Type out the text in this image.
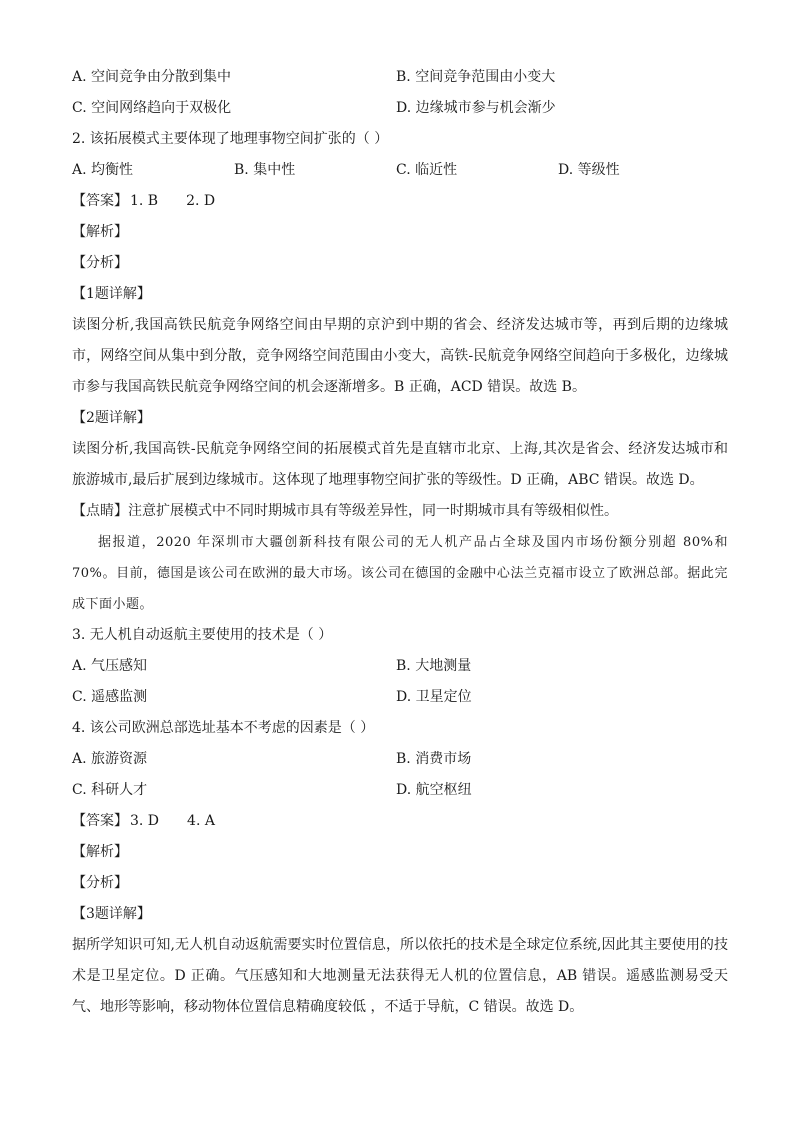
A. 空间竞争由分散到集中	B. 空间竞争范围由小变大
C. 空间网络趋向于双极化	D. 边缘城市参与机会渐少
2. 该拓展模式主要体现了地理事物空间扩张的（ ）
A. 均衡性	B. 集中性	C. 临近性	D. 等级性
【答案】 1. B 2. D
【解析】
【分析】
【1题详解】
读图分析,我国高铁民航竞争网络空间由早期的京沪到中期的省会、经济发达城市等，再到后期的边缘城市，网络空间从集中到分散，竞争网络空间范围由小变大，高铁-民航竞争网络空间趋向于多极化，边缘城市参与我国高铁民航竞争网络空间的机会逐渐增多。B 正确，ACD 错误。故选 B。
【2题详解】
读图分析,我国高铁-民航竞争网络空间的拓展模式首先是直辖市北京、上海,其次是省会、经济发达城市和旅游城市,最后扩展到边缘城市。这体现了地理事物空间扩张的等级性。D 正确，ABC 错误。故选 D。
【点睛】注意扩展模式中不同时期城市具有等级差异性，同一时期城市具有等级相似性。
据报道，2020 年深圳市大疆创新科技有限公司的无人机产品占全球及国内市场份额分别超 80%和 70%。目前，德国是该公司在欧洲的最大市场。该公司在德国的金融中心法兰克福市设立了欧洲总部。据此完成下面小题。
3. 无人机自动返航主要使用的技术是（ ）
A. 气压感知	B. 大地测量
C. 遥感监测	D. 卫星定位
4. 该公司欧洲总部选址基本不考虑的因素是（ ）
A. 旅游资源	B. 消费市场
C. 科研人才	D. 航空枢纽
【答案】 3. D 4. A
【解析】
【分析】
【3题详解】
据所学知识可知,无人机自动返航需要实时位置信息，所以依托的技术是全球定位系统,因此其主要使用的技术是卫星定位。D 正确。气压感知和大地测量无法获得无人机的位置信息，AB 错误。遥感监测易受天气、地形等影响，移动物体位置信息精确度较低 ，不适于导航，C 错误。故选 D。
